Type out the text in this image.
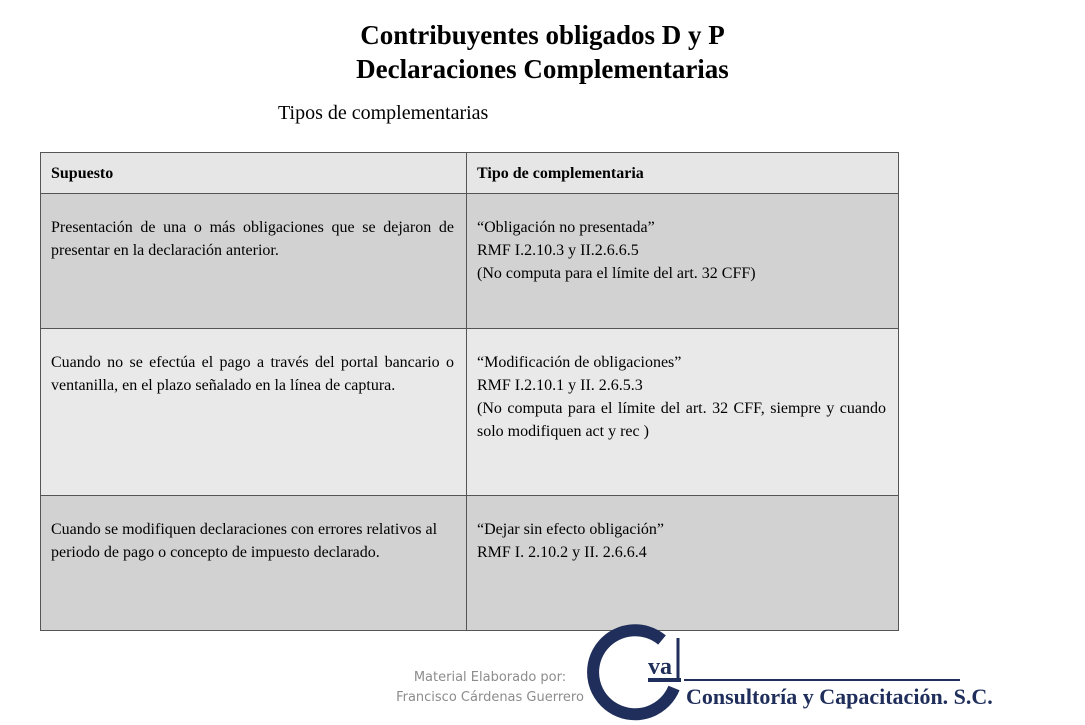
Contribuyentes obligados D y P
Declaraciones Complementarias
Tipos de complementarias
Supuesto	Tipo de complementaria
Presentación de una o más obligaciones que se dejaron de presentar en la declaración anterior.	“Obligación no presentada”
RMF I.2.10.3 y II.2.6.6.5
(No computa para el límite del art. 32 CFF)

Cuando no se efectúa el pago a través del portal bancario o ventanilla, en el plazo señalado en la línea de captura.	“Modificación de obligaciones”
RMF I.2.10.1 y II. 2.6.5.3
(No computa para el límite del art. 32 CFF, siempre y cuando solo modifiquen act y rec )

Cuando se modifiquen declaraciones con errores relativos al periodo de pago o concepto de impuesto declarado.	“Dejar sin efecto obligación”
RMF I. 2.10.2 y II. 2.6.6.4
Material Elaborado por:
Francisco Cárdenas Guerrero
va
Consultoría y Capacitación. S.C.
